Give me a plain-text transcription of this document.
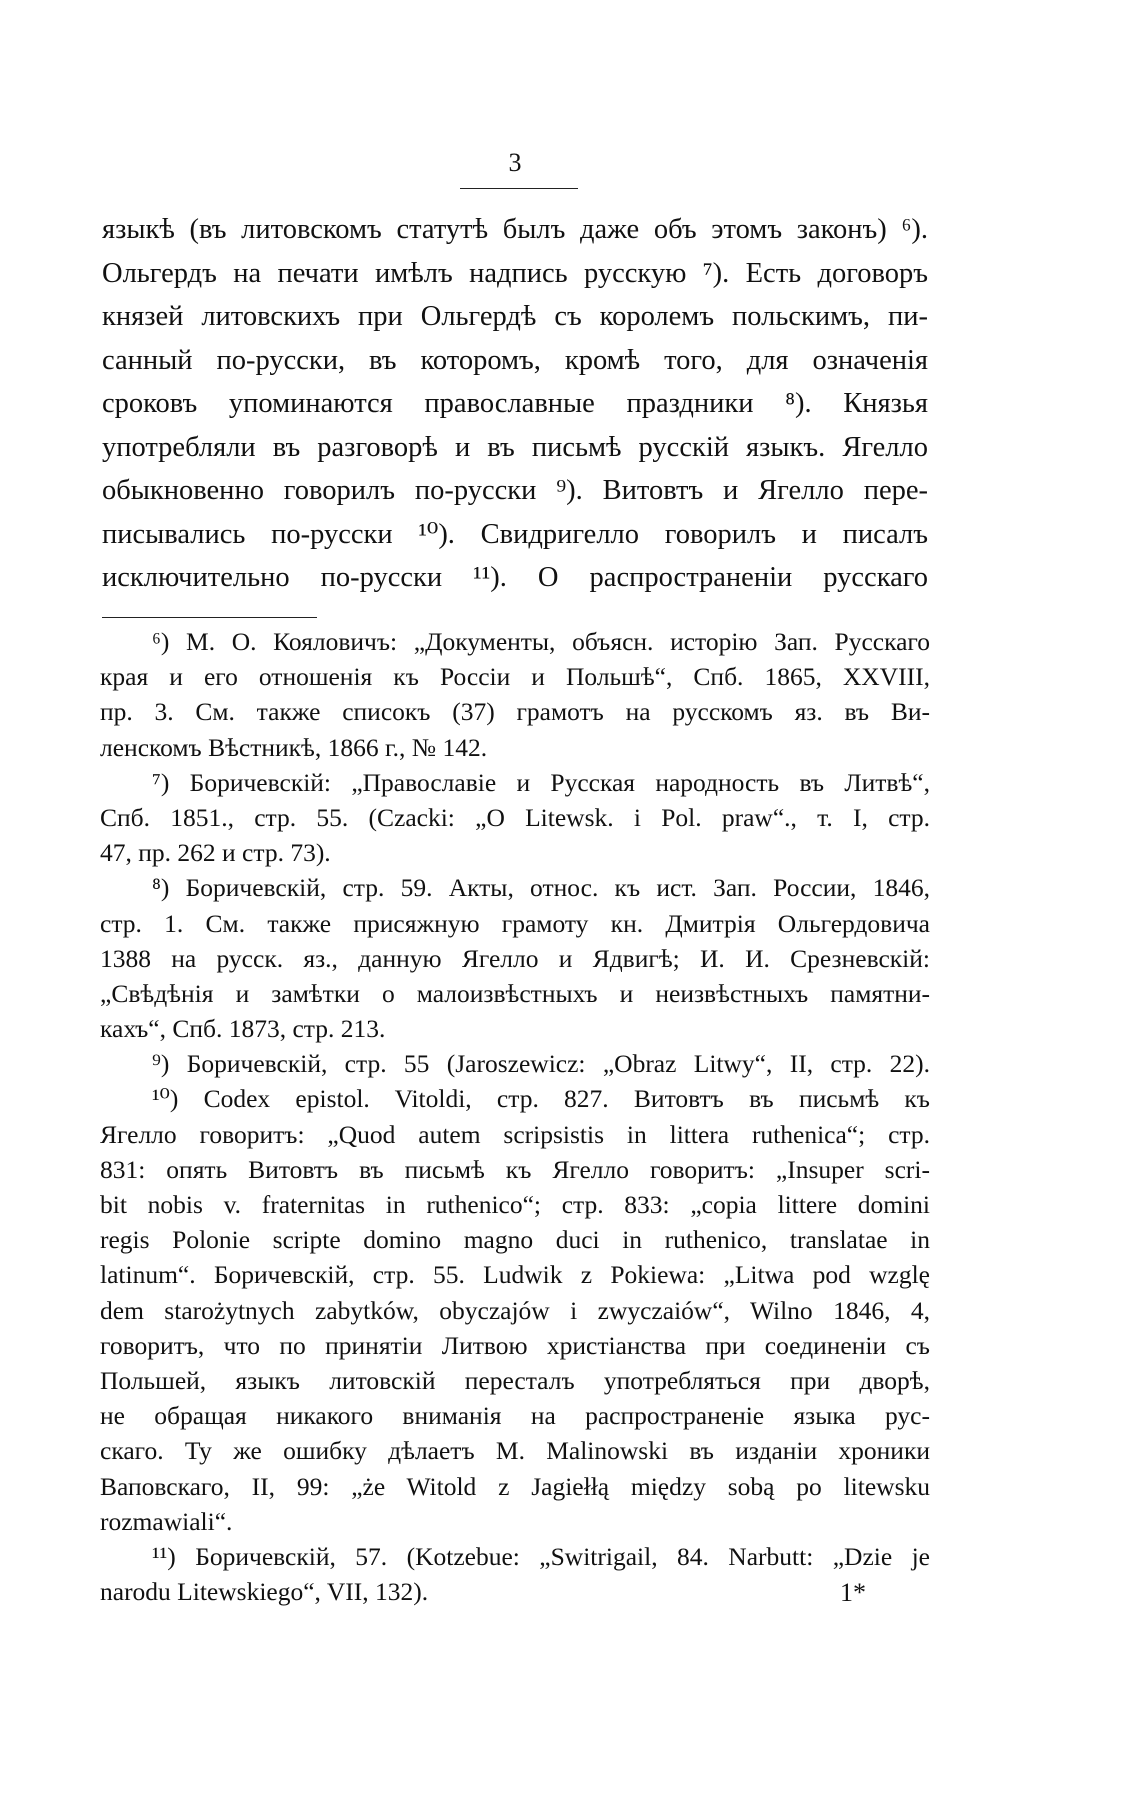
3
языкѣ (въ литовскомъ статутѣ былъ даже объ этомъ законъ) ⁶).
Ольгердъ на печати имѣлъ надпись русскую ⁷). Есть договоръ
князей литовскихъ при Ольгердѣ съ королемъ польскимъ, пи-
санный по-русски, въ которомъ, кромѣ того, для означенія
сроковъ упоминаются православные праздники ⁸). Князья
употребляли въ разговорѣ и въ письмѣ русскій языкъ. Ягелло
обыкновенно говорилъ по-русски ⁹). Витовтъ и Ягелло пере-
писывались по-русски ¹⁰). Свидригелло говорилъ и писалъ
исключительно по-русски ¹¹). О распространеніи русскаго
⁶) М. О. Кояловичъ: „Документы, объясн. исторію Зап. Русскаго
края и его отношенія къ Россіи и Польшѣ“, Спб. 1865, XXVIII,
пр. 3. См. также списокъ (37) грамотъ на русскомъ яз. въ Ви-
ленскомъ Вѣстникѣ, 1866 г., № 142.
⁷) Боричевскій: „Православіе и Русская народность въ Литвѣ“,
Спб. 1851., стр. 55. (Czacki: „O Litewsk. i Pol. praw“., т. I, стр.
47, пр. 262 и стр. 73).
⁸) Боричевскій, стр. 59. Акты, относ. къ ист. Зап. России, 1846,
стр. 1. См. также присяжную грамоту кн. Дмитрія Ольгердовича
1388 на русск. яз., данную Ягелло и Ядвигѣ; И. И. Срезневскій:
„Свѣдѣнія и замѣтки о малоизвѣстныхъ и неизвѣстныхъ памятни-
кахъ“, Спб. 1873, стр. 213.
⁹) Боричевскій, стр. 55 (Jaroszewicz: „Obraz Litwy“, II, стр. 22).
¹⁰) Codex epistol. Vitoldi, стр. 827. Витовтъ въ письмѣ къ
Ягелло говоритъ: „Quod autem scripsistis in littera ruthenica“; стр.
831: опять Витовтъ въ письмѣ къ Ягелло говоритъ: „Insuper scri-
bit nobis v. fraternitas in ruthenico“; стр. 833: „copia littere domini
regis Polonie scripte domino magno duci in ruthenico, translatae in
latinum“. Боричевскій, стр. 55. Ludwik z Pokiewa: „Litwa pod wzglę
dem starożytnych zabytków, obyczajów i zwyczaiów“, Wilno 1846, 4,
говоритъ, что по принятіи Литвою христіанства при соединеніи съ
Польшей, языкъ литовскій пересталъ употребляться при дворѣ,
не обращая никакого вниманія на распространеніе языка рус-
скаго. Ту же ошибку дѣлаетъ M. Malinowski въ изданіи хроники
Ваповскаго, II, 99: „że Witold z Jagiełłą między sobą po litewsku
rozmawiali“.
¹¹) Боричевскій, 57. (Kotzebue: „Switrigail, 84. Narbutt: „Dzie je
narodu Litewskiego“, VII, 132).	1*
